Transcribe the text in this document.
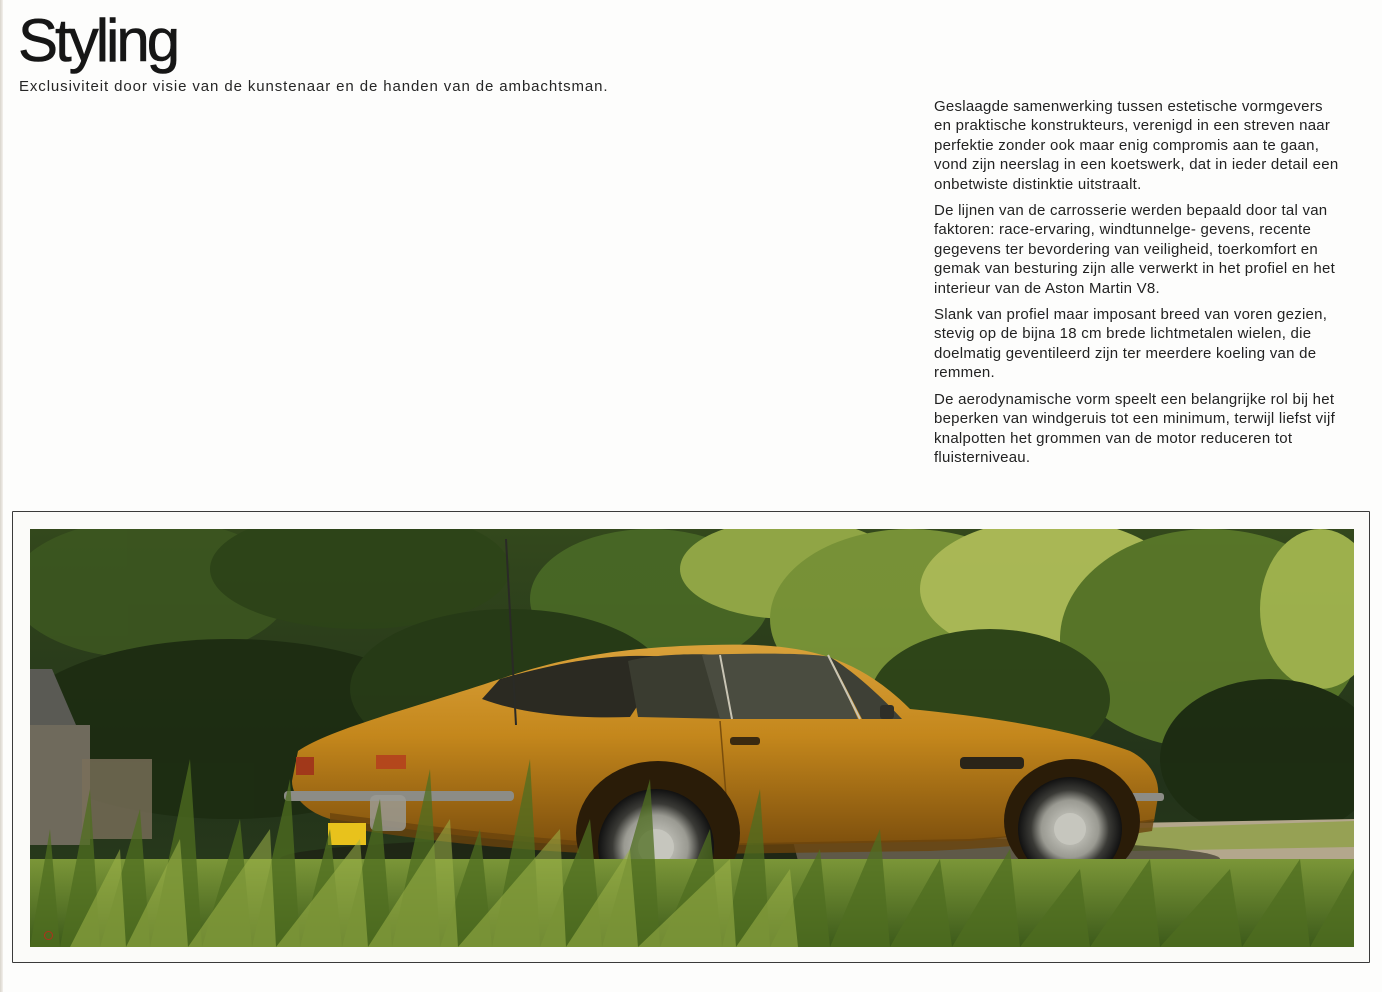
Styling

Exclusiviteit door visie van de kunstenaar en de handen van de ambachtsman.

Geslaagde samenwerking tussen estetische vormgevers en praktische konstrukteurs, verenigd in een streven naar perfektie zonder ook maar enig compromis aan te gaan, vond zijn neerslag in een koetswerk, dat in ieder detail een onbetwiste distinktie uitstraalt.

De lijnen van de carrosserie werden bepaald door tal van faktoren: race-ervaring, windtunnelge- gevens, recente gegevens ter bevordering van veiligheid, toerkomfort en gemak van besturing zijn alle verwerkt in het profiel en het interieur van de Aston Martin V8.

Slank van profiel maar imposant breed van voren gezien, stevig op de bijna 18 cm brede lichtmetalen wielen, die doelmatig geventileerd zijn ter meerdere koeling van de remmen.

De aerodynamische vorm speelt een belangrijke rol bij het beperken van windgeruis tot een minimum, terwijl liefst vijf knalpotten het grommen van de motor reduceren tot fluisterniveau.
